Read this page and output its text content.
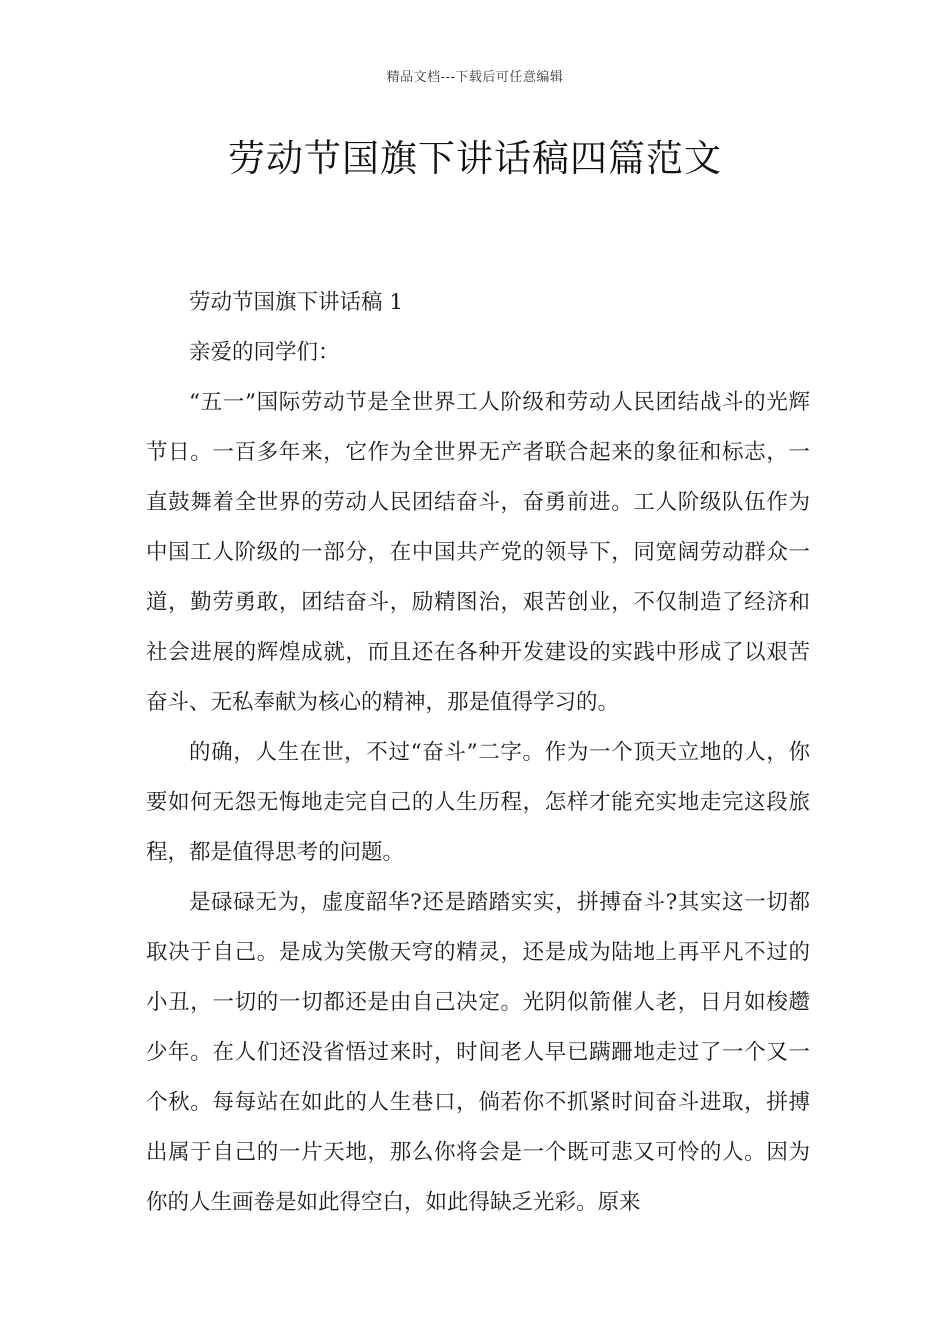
精品文档---下载后可任意编辑
劳动节国旗下讲话稿四篇范文

劳动节国旗下讲话稿 1

亲爱的同学们：

“五一”国际劳动节是全世界工人阶级和劳动人民团结战斗的光辉节日。一百多年来，它作为全世界无产者联合起来的象征和标志，一直鼓舞着全世界的劳动人民团结奋斗，奋勇前进。工人阶级队伍作为中国工人阶级的一部分，在中国共产党的领导下，同宽阔劳动群众一道，勤劳勇敢，团结奋斗，励精图治，艰苦创业，不仅制造了经济和社会进展的辉煌成就，而且还在各种开发建设的实践中形成了以艰苦奋斗、无私奉献为核心的精神，那是值得学习的。

的确，人生在世，不过“奋斗”二字。作为一个顶天立地的人，你要如何无怨无悔地走完自己的人生历程，怎样才能充实地走完这段旅程，都是值得思考的问题。

是碌碌无为，虚度韶华?还是踏踏实实，拼搏奋斗?其实这一切都取决于自己。是成为笑傲天穹的精灵，还是成为陆地上再平凡不过的小丑，一切的一切都还是由自己决定。光阴似箭催人老，日月如梭趱少年。在人们还没省悟过来时，时间老人早已蹒跚地走过了一个又一个秋。每每站在如此的人生巷口，倘若你不抓紧时间奋斗进取，拼搏出属于自己的一片天地，那么你将会是一个既可悲又可怜的人。因为你的人生画卷是如此得空白，如此得缺乏光彩。原来
